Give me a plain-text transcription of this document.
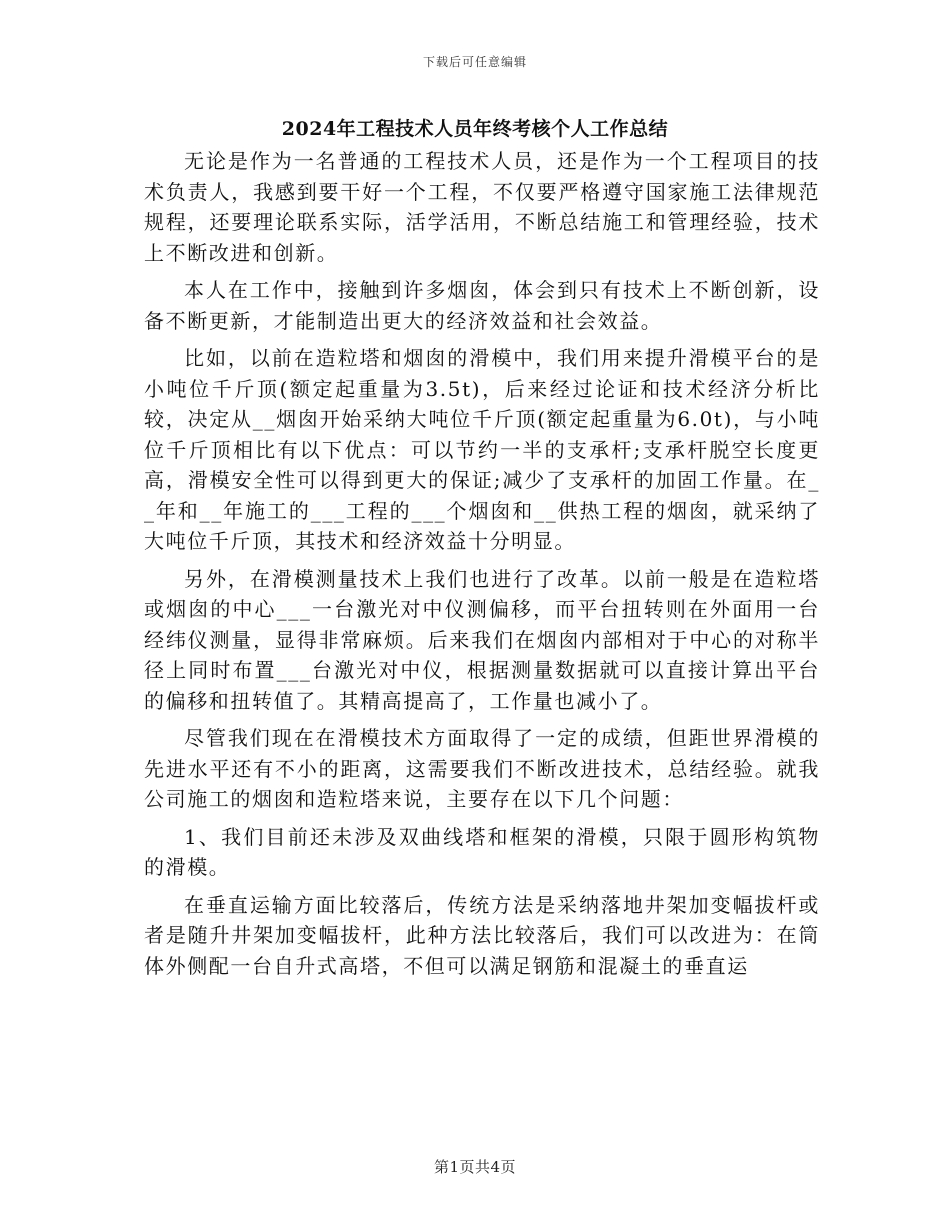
下载后可任意编辑
2024年工程技术人员年终考核个人工作总结

无论是作为一名普通的工程技术人员，还是作为一个工程项目的技术负责人，我感到要干好一个工程，不仅要严格遵守国家施工法律规范规程，还要理论联系实际，活学活用，不断总结施工和管理经验，技术上不断改进和创新。

本人在工作中，接触到许多烟囱，体会到只有技术上不断创新，设备不断更新，才能制造出更大的经济效益和社会效益。

比如，以前在造粒塔和烟囱的滑模中，我们用来提升滑模平台的是小吨位千斤顶(额定起重量为3.5t)，后来经过论证和技术经济分析比较，决定从__烟囱开始采纳大吨位千斤顶(额定起重量为6.0t)，与小吨位千斤顶相比有以下优点：可以节约一半的支承杆;支承杆脱空长度更高，滑模安全性可以得到更大的保证;减少了支承杆的加固工作量。在__年和__年施工的___工程的___个烟囱和__供热工程的烟囱，就采纳了大吨位千斤顶，其技术和经济效益十分明显。

另外，在滑模测量技术上我们也进行了改革。以前一般是在造粒塔或烟囱的中心___一台激光对中仪测偏移，而平台扭转则在外面用一台经纬仪测量，显得非常麻烦。后来我们在烟囱内部相对于中心的对称半径上同时布置___台激光对中仪，根据测量数据就可以直接计算出平台的偏移和扭转值了。其精高提高了，工作量也减小了。

尽管我们现在在滑模技术方面取得了一定的成绩，但距世界滑模的先进水平还有不小的距离，这需要我们不断改进技术，总结经验。就我公司施工的烟囱和造粒塔来说，主要存在以下几个问题：

1、我们目前还未涉及双曲线塔和框架的滑模，只限于圆形构筑物的滑模。

在垂直运输方面比较落后，传统方法是采纳落地井架加变幅拔杆或者是随升井架加变幅拔杆，此种方法比较落后，我们可以改进为：在筒体外侧配一台自升式高塔，不但可以满足钢筋和混凝土的垂直运

第1页共4页
